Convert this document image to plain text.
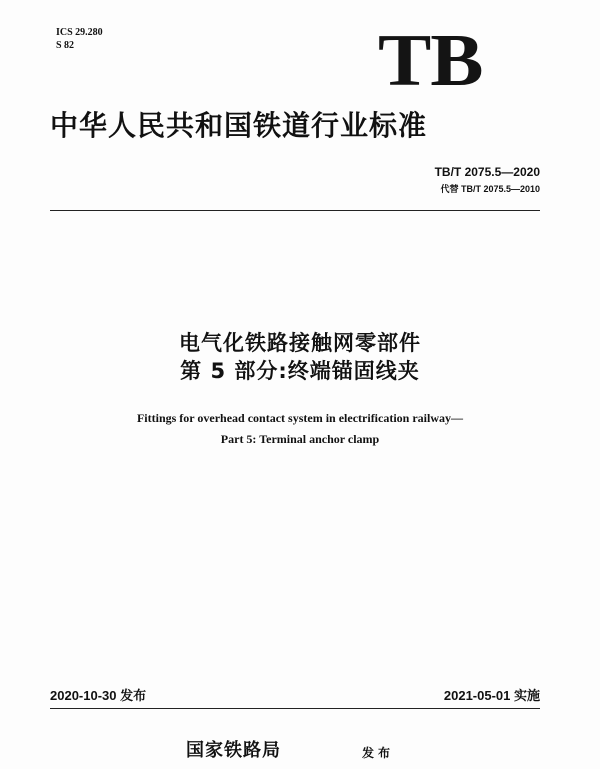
ICS 29.280
S 82	TB
中华人民共和国铁道行业标准
TB/T 2075.5—2020
代替 TB/T 2075.5—2010
电气化铁路接触网零部件
第 5 部分:终端锚固线夹
Fittings for overhead contact system in electrification railway—
Part 5: Terminal anchor clamp
2020-10-30 发布	2021-05-01 实施
国家铁路局	发布
